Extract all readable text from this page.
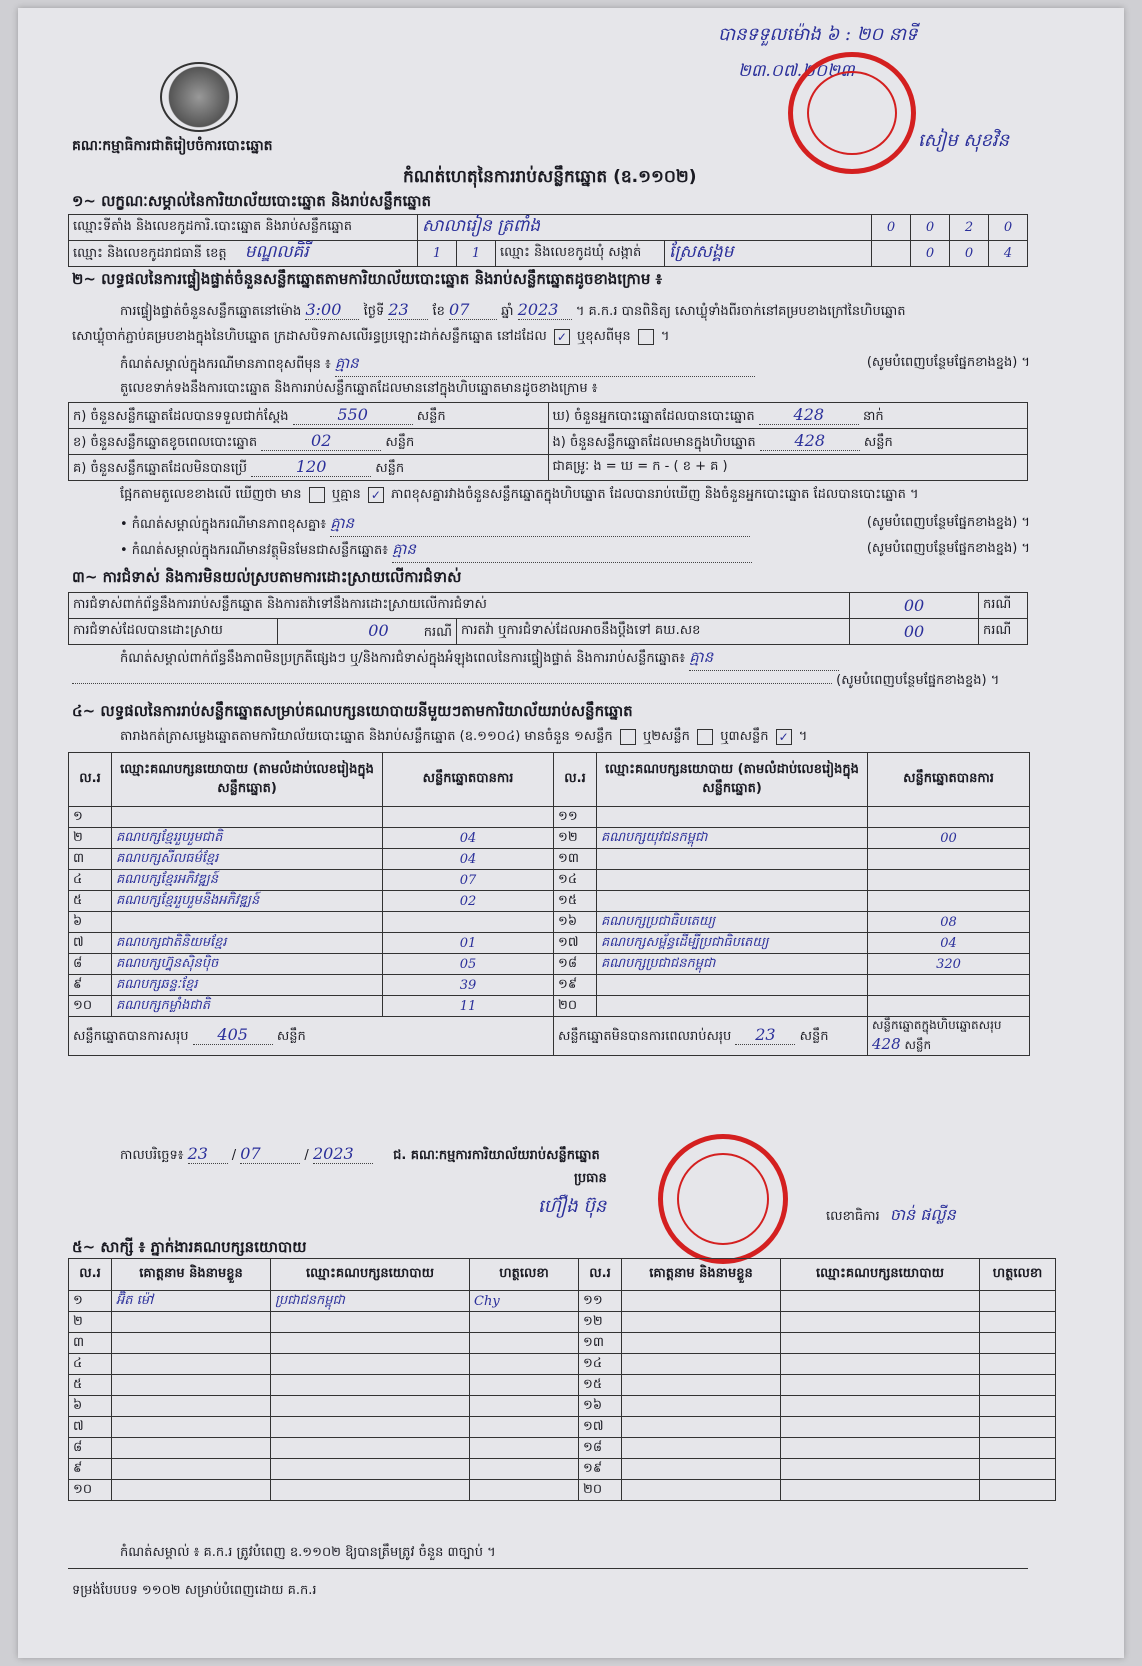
គណៈកម្មាធិការជាតិរៀបចំការបោះឆ្នោត
បានទទួលម៉ោង ៦ : ២០ នាទី
២៣.០៧.២០២៣
សៀម សុខវិន
កំណត់ហេតុនៃការរាប់សន្លឹកឆ្នោត (ឧ.១១០២)
១~ លក្ខណៈសម្គាល់នៃការិយាល័យបោះឆ្នោត និងរាប់សន្លឹកឆ្នោត
ឈ្មោះទីតាំង និងលេខកូដការិ.បោះឆ្នោត និងរាប់សន្លឹកឆ្នោត	សាលារៀន ត្រពាំង				0	0	2	0
ឈ្មោះ និងលេខកូដរាជធានី ខេត្ត មណ្ឌលគិរី	1	1	ឈ្មោះ និងលេខកូដឃុំ សង្កាត់	ស្រែសង្គម		0	0	4
២~ លទ្ធផលនៃការផ្ទៀងផ្ទាត់ចំនួនសន្លឹកឆ្នោតតាមការិយាល័យបោះឆ្នោត និងរាប់សន្លឹកឆ្នោតដូចខាងក្រោម ៖
ការផ្ទៀងផ្ទាត់ចំនួនសន្លឹកឆ្នោតនៅម៉ោង 3:00 ថ្ងៃទី 23 ខែ 07 ឆ្នាំ 2023 ។ គ.ក.រ បានពិនិត្យ សោឃ្លុំទាំងពីរចាក់នៅគម្របខាងក្រៅនៃហិបឆ្នោត
សោឃ្លុំចាក់ភ្ជាប់គម្របខាងក្នុងនៃហិបឆ្នោត ក្រដាសបិទភាសលើរន្ធប្រឡោះដាក់សន្លឹកឆ្នោត នៅដដែល ✓ ឬខុសពីមុន  ។
កំណត់សម្គាល់ក្នុងករណីមានភាពខុសពីមុន ៖ គ្មាន	(សូមបំពេញបន្ថែមផ្នែកខាងខ្នង) ។
តួលេខទាក់ទងនឹងការបោះឆ្នោត និងការរាប់សន្លឹកឆ្នោតដែលមាននៅក្នុងហិបឆ្នោតមានដូចខាងក្រោម ៖
ក) ចំនួនសន្លឹកឆ្នោតដែលបានទទួលជាក់ស្តែង 550 សន្លឹក	ឃ) ចំនួនអ្នកបោះឆ្នោតដែលបានបោះឆ្នោត 428 នាក់
ខ) ចំនួនសន្លឹកឆ្នោតខូចពេលបោះឆ្នោត 02 សន្លឹក	ង) ចំនួនសន្លឹកឆ្នោតដែលមានក្នុងហិបឆ្នោត 428 សន្លឹក
គ) ចំនួនសន្លឹកឆ្នោតដែលមិនបានប្រើ 120 សន្លឹក	ជាគម្រូៈ ង = ឃ = ក - ( ខ + គ )
ផ្អែកតាមតួលេខខាងលើ ឃើញថា មាន ឬគ្មាន ✓ ភាពខុសគ្នារវាងចំនួនសន្លឹកឆ្នោតក្នុងហិបឆ្នោត ដែលបានរាប់ឃើញ និងចំនួនអ្នកបោះឆ្នោត ដែលបានបោះឆ្នោត ។
• កំណត់សម្គាល់ក្នុងករណីមានភាពខុសគ្នា៖ គ្មាន	(សូមបំពេញបន្ថែមផ្នែកខាងខ្នង) ។
• កំណត់សម្គាល់ក្នុងករណីមានវត្ថុមិនមែនជាសន្លឹកឆ្នោត៖ គ្មាន	(សូមបំពេញបន្ថែមផ្នែកខាងខ្នង) ។
៣~ ការជំទាស់ និងការមិនយល់ស្របតាមការដោះស្រាយលើការជំទាស់
ការជំទាស់ពាក់ព័ន្ធនឹងការរាប់សន្លឹកឆ្នោត និងការតវ៉ាទៅនឹងការដោះស្រាយលើការជំទាស់			00	ករណី
ការជំទាស់ដែលបានដោះស្រាយ	00 ករណី	ការតវ៉ា ឬការជំទាស់ដែលអាចនឹងប្តឹងទៅ គឃ.សខ	00	ករណី
កំណត់សម្គាល់ពាក់ព័ន្ធនឹងភាពមិនប្រក្រតីផ្សេងៗ ឬ/និងការជំទាស់ក្នុងអំឡុងពេលនៃការផ្ទៀងផ្ទាត់ និងការរាប់សន្លឹកឆ្នោត៖ គ្មាន
(សូមបំពេញបន្ថែមផ្នែកខាងខ្នង) ។
៤~ លទ្ធផលនៃការរាប់សន្លឹកឆ្នោតសម្រាប់គណបក្សនយោបាយនីមួយៗតាមការិយាល័យរាប់សន្លឹកឆ្នោត
តារាងកត់ត្រាសម្លេងឆ្នោតតាមការិយាល័យបោះឆ្នោត និងរាប់សន្លឹកឆ្នោត (ឧ.១១០៤) មានចំនួន ១សន្លឹក ឬ២សន្លឹក ឬ៣សន្លឹក ✓ ។
ល.រ	ឈ្មោះគណបក្សនយោបាយ (តាមលំដាប់លេខរៀងក្នុងសន្លឹកឆ្នោត)	សន្លឹកឆ្នោតបានការ	ល.រ	ឈ្មោះគណបក្សនយោបាយ (តាមលំដាប់លេខរៀងក្នុងសន្លឹកឆ្នោត)	សន្លឹកឆ្នោតបានការ
១			១១		
២	គណបក្សខ្មែររួបរួមជាតិ	04	១២	គណបក្សយុវជនកម្ពុជា	00
៣	គណបក្សសីលធម៌ខ្មែរ	04	១៣		
៤	គណបក្សខ្មែរអភិវឌ្ឍន៍	07	១៤		
៥	គណបក្សខ្មែររួបរួមនិងអភិវឌ្ឍន៍	02	១៥		
៦			១៦	គណបក្សប្រជាធិបតេយ្យ	08
៧	គណបក្សជាតិនិយមខ្មែរ	01	១៧	គណបក្សសម្ព័ន្ធដើម្បីប្រជាធិបតេយ្យ	04
៨	គណបក្សហ្វ៊ុនស៊ិនប៉ិច	05	១៨	គណបក្សប្រជាជនកម្ពុជា	320
៩	គណបក្សឆន្ទៈខ្មែរ	39	១៩		
១០	គណបក្សកម្លាំងជាតិ	11	២០		
សន្លឹកឆ្នោតបានការសរុប 405 សន្លឹក			សន្លឹកឆ្នោតមិនបានការពេលរាប់សរុប 23 សន្លឹក		សន្លឹកឆ្នោតក្នុងហិបឆ្នោតសរុប 428 សន្លឹក
កាលបរិច្ឆេទ៖ 23 / 07	/ 2023	ជ. គណៈកម្មការការិយាល័យរាប់សន្លឹកឆ្នោត
ប្រធាន
ហ៊ឿង ប៊ុន	លេខាធិការ ចាន់ ផល្លីន
៥~ សាក្សី ៖ ភ្នាក់ងារគណបក្សនយោបាយ
ល.រ	គោត្តនាម និងនាមខ្លួន	ឈ្មោះគណបក្សនយោបាយ	ហត្ថលេខា	ល.រ	គោត្តនាម និងនាមខ្លួន	ឈ្មោះគណបក្សនយោបាយ	ហត្ថលេខា
១	អ៊ិត ម៉ៅ	ប្រជាជនកម្ពុជា	Chy	១១			
២				១២			
៣				១៣			
៤				១៤			
៥				១៥			
៦				១៦			
៧				១៧			
៨				១៨			
៩				១៩			
១០				២០			
កំណត់សម្គាល់ ៖ គ.ក.រ ត្រូវបំពេញ ឧ.១១០២ ឱ្យបានត្រឹមត្រូវ ចំនួន ៣ច្បាប់ ។
ទម្រង់បែបបទ ១១០២ សម្រាប់បំពេញដោយ គ.ក.រ
